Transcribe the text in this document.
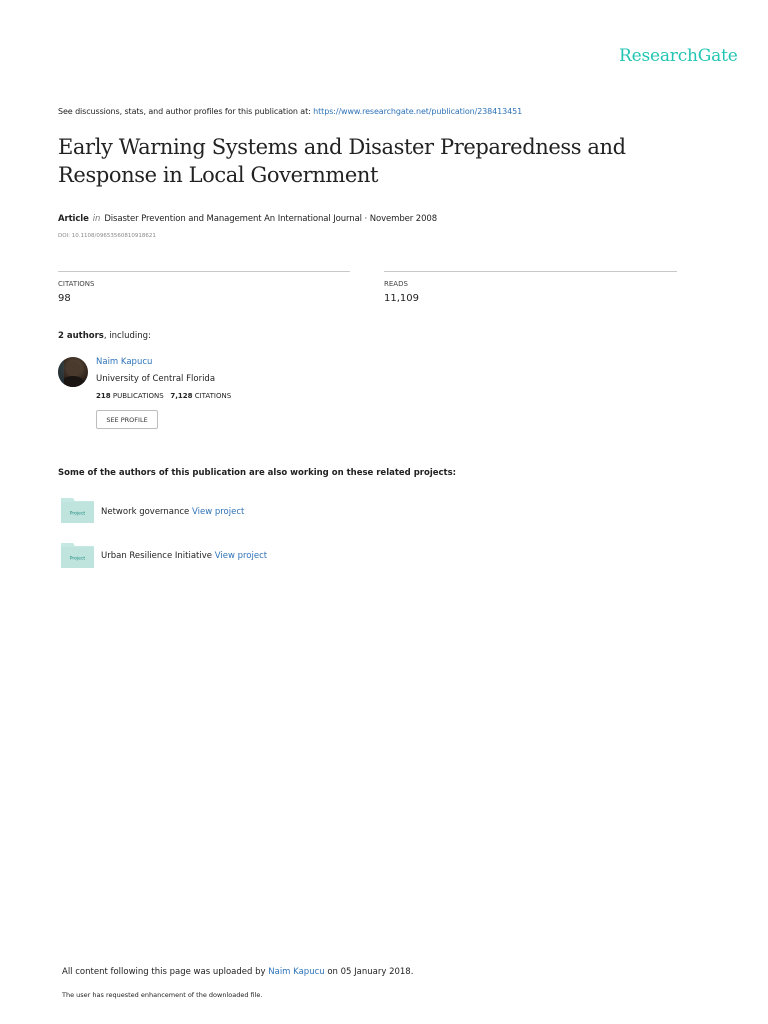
ResearchGate
See discussions, stats, and author profiles for this publication at: https://www.researchgate.net/publication/238413451
Early Warning Systems and Disaster Preparedness and Response in Local Government
Article in Disaster Prevention and Management An International Journal · November 2008
DOI: 10.1108/09653560810918621
CITATIONS
98
READS
11,109
2 authors, including:
Naim Kapucu
University of Central Florida
218 PUBLICATIONS 7,128 CITATIONS
SEE PROFILE
Some of the authors of this publication are also working on these related projects:
Project Network governance View project
Project Urban Resilience Initiative View project
All content following this page was uploaded by Naim Kapucu on 05 January 2018.
The user has requested enhancement of the downloaded file.
